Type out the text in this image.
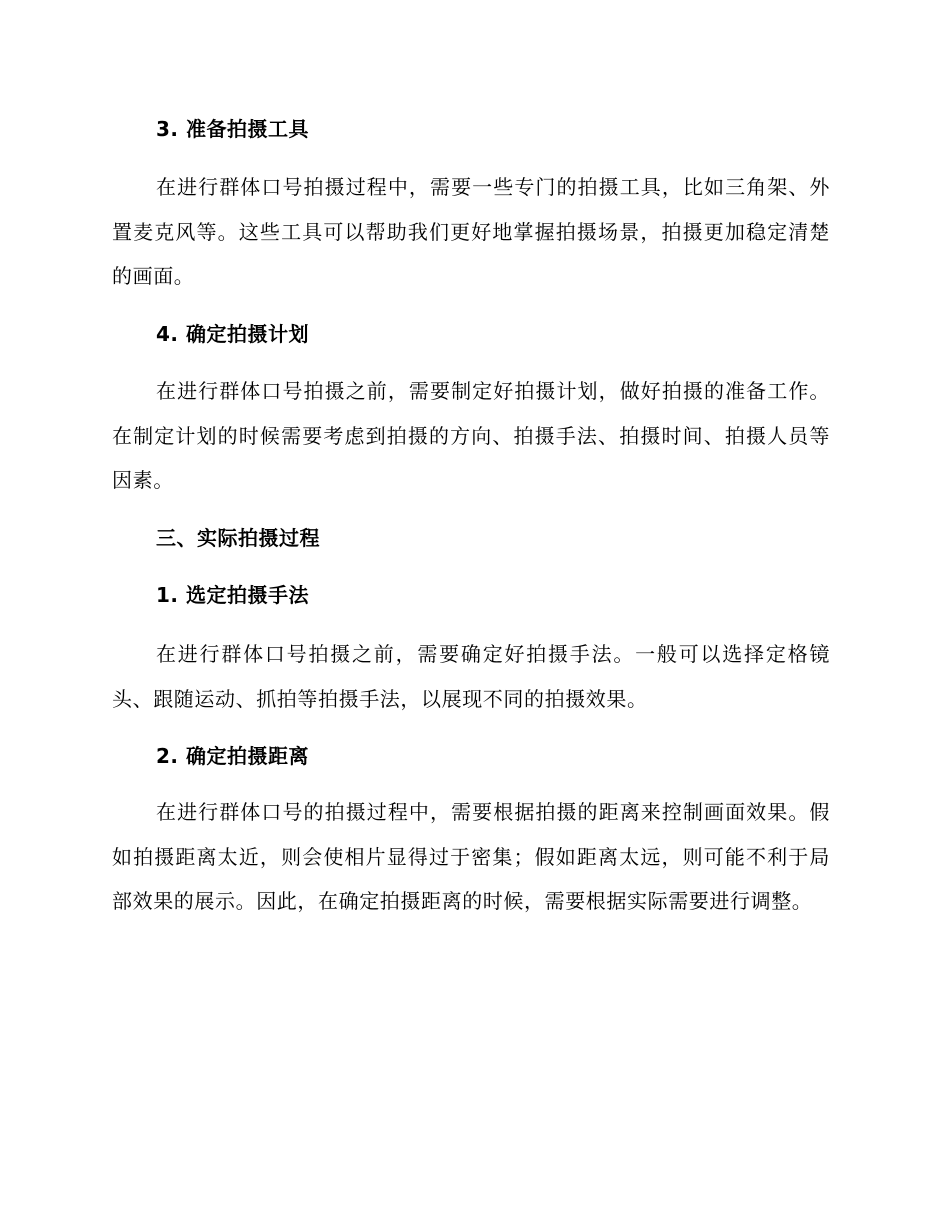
3. 准备拍摄工具
在进行群体口号拍摄过程中，需要一些专门的拍摄工具，比如三角架、外置麦克风等。这些工具可以帮助我们更好地掌握拍摄场景，拍摄更加稳定清楚的画面。
4. 确定拍摄计划
在进行群体口号拍摄之前，需要制定好拍摄计划，做好拍摄的准备工作。在制定计划的时候需要考虑到拍摄的方向、拍摄手法、拍摄时间、拍摄人员等因素。
三、实际拍摄过程
1. 选定拍摄手法
在进行群体口号拍摄之前，需要确定好拍摄手法。一般可以选择定格镜头、跟随运动、抓拍等拍摄手法，以展现不同的拍摄效果。
2. 确定拍摄距离
在进行群体口号的拍摄过程中，需要根据拍摄的距离来控制画面效果。假如拍摄距离太近，则会使相片显得过于密集；假如距离太远，则可能不利于局部效果的展示。因此，在确定拍摄距离的时候，需要根据实际需要进行调整。
